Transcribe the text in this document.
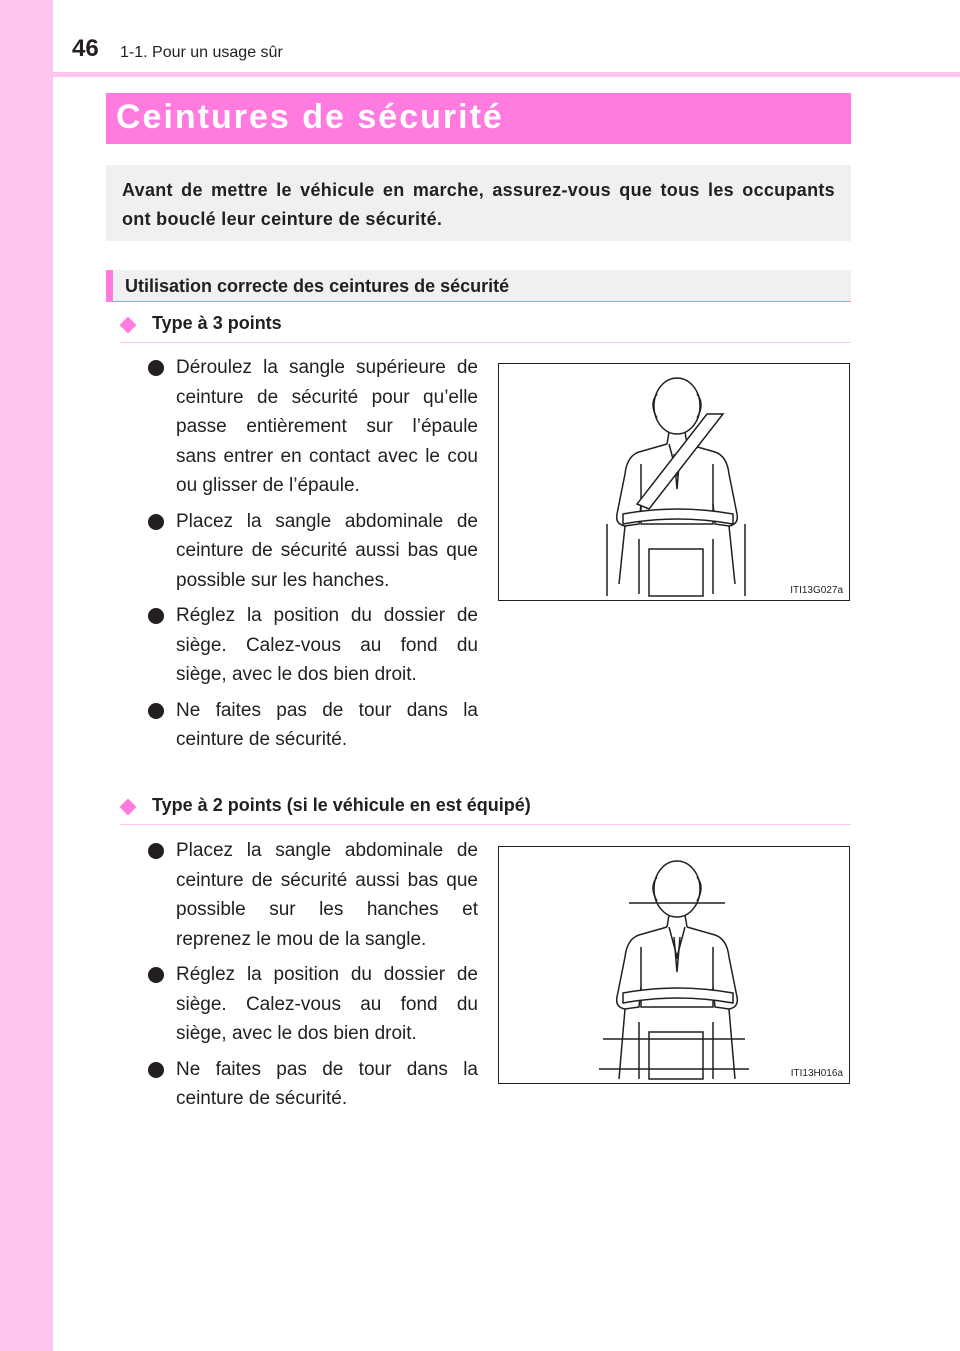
46 1-1. Pour un usage sûr
Ceintures de sécurité
Avant de mettre le véhicule en marche, assurez-vous que tous les occupants ont bouclé leur ceinture de sécurité.
Utilisation correcte des ceintures de sécurité
Type à 3 points
Déroulez la sangle supérieure de ceinture de sécurité pour qu’elle passe entièrement sur l’épaule sans entrer en contact avec le cou ou glisser de l’épaule.
Placez la sangle abdominale de ceinture de sécurité aussi bas que possible sur les hanches.
Réglez la position du dossier de siège. Calez-vous au fond du siège, avec le dos bien droit.
Ne faites pas de tour dans la ceinture de sécurité.
ITI13G027a
Type à 2 points (si le véhicule en est équipé)
Placez la sangle abdominale de ceinture de sécurité aussi bas que possible sur les hanches et reprenez le mou de la sangle.
Réglez la position du dossier de siège. Calez-vous au fond du siège, avec le dos bien droit.
Ne faites pas de tour dans la ceinture de sécurité.
ITI13H016a
